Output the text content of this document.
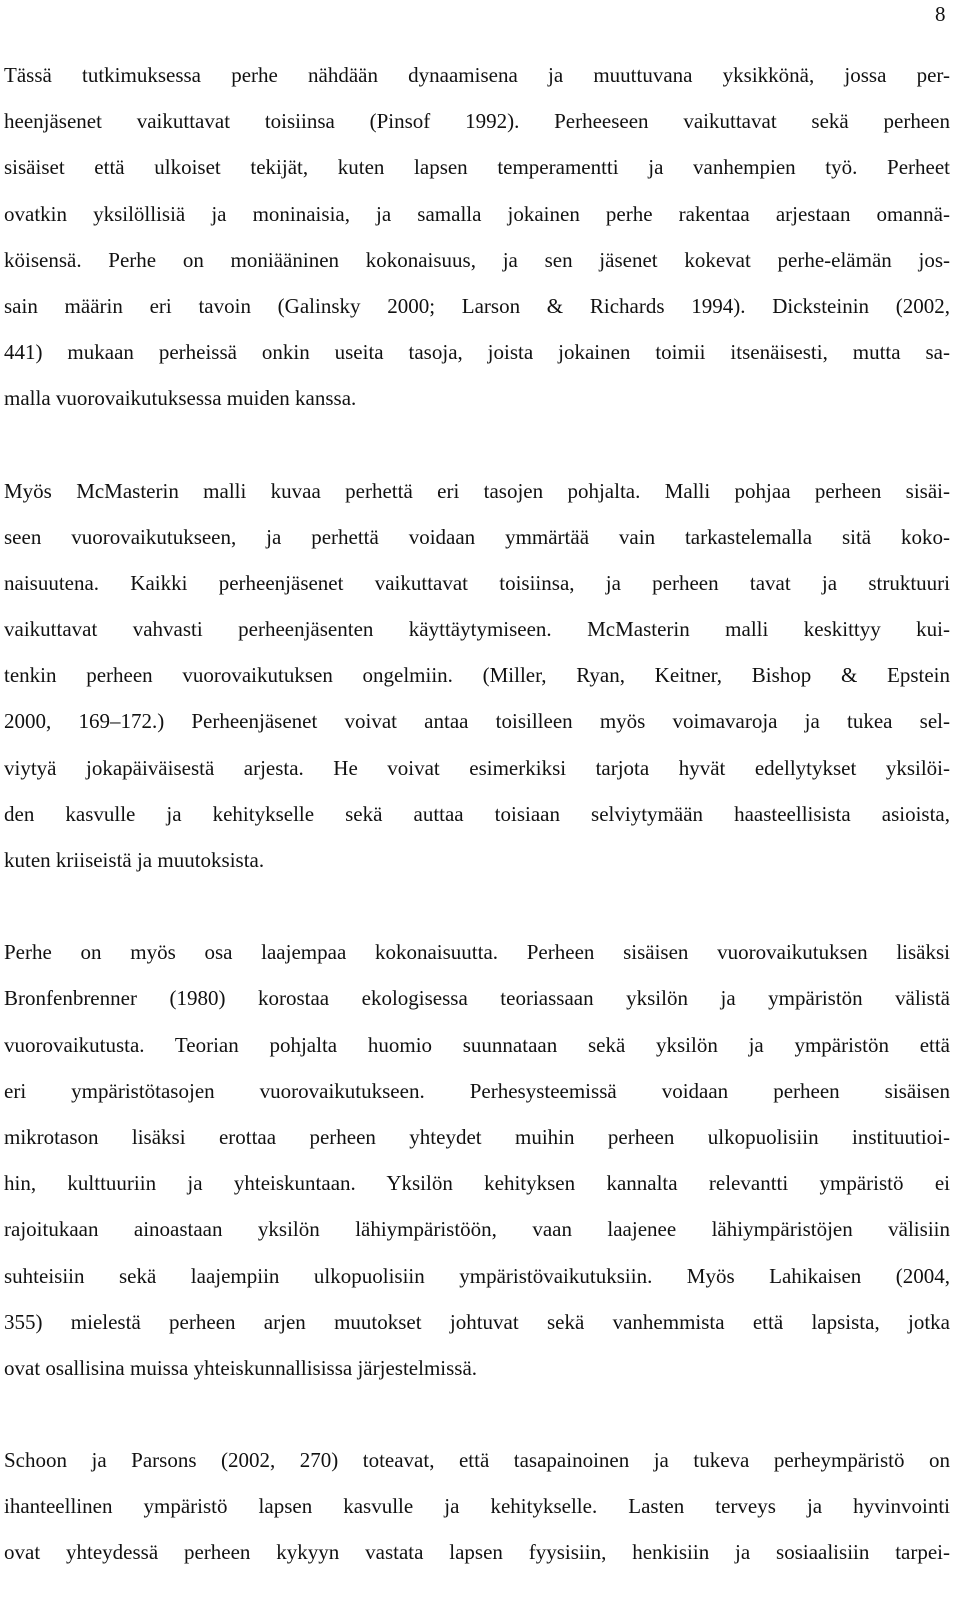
8

Tässä tutkimuksessa perhe nähdään dynaamisena ja muuttuvana yksikkönä, jossa per-
heenjäsenet vaikuttavat toisiinsa (Pinsof 1992). Perheeseen vaikuttavat sekä perheen
sisäiset että ulkoiset tekijät, kuten lapsen temperamentti ja vanhempien työ. Perheet
ovatkin yksilöllisiä ja moninaisia, ja samalla jokainen perhe rakentaa arjestaan omannä-
köisensä. Perhe on moniääninen kokonaisuus, ja sen jäsenet kokevat perhe-elämän jos-
sain määrin eri tavoin (Galinsky 2000; Larson & Richards 1994). Dicksteinin (2002,
441) mukaan perheissä onkin useita tasoja, joista jokainen toimii itsenäisesti, mutta sa-
malla vuorovaikutuksessa muiden kanssa.

Myös McMasterin malli kuvaa perhettä eri tasojen pohjalta. Malli pohjaa perheen sisäi-
seen vuorovaikutukseen, ja perhettä voidaan ymmärtää vain tarkastelemalla sitä koko-
naisuutena. Kaikki perheenjäsenet vaikuttavat toisiinsa, ja perheen tavat ja struktuuri
vaikuttavat vahvasti perheenjäsenten käyttäytymiseen. McMasterin malli keskittyy kui-
tenkin perheen vuorovaikutuksen ongelmiin. (Miller, Ryan, Keitner, Bishop & Epstein
2000, 169–172.) Perheenjäsenet voivat antaa toisilleen myös voimavaroja ja tukea sel-
viytyä jokapäiväisestä arjesta. He voivat esimerkiksi tarjota hyvät edellytykset yksilöi-
den kasvulle ja kehitykselle sekä auttaa toisiaan selviytymään haasteellisista asioista,
kuten kriiseistä ja muutoksista.

Perhe on myös osa laajempaa kokonaisuutta. Perheen sisäisen vuorovaikutuksen lisäksi
Bronfenbrenner (1980) korostaa ekologisessa teoriassaan yksilön ja ympäristön välistä
vuorovaikutusta. Teorian pohjalta huomio suunnataan sekä yksilön ja ympäristön että
eri ympäristötasojen vuorovaikutukseen. Perhesysteemissä voidaan perheen sisäisen
mikrotason lisäksi erottaa perheen yhteydet muihin perheen ulkopuolisiin instituutioi-
hin, kulttuuriin ja yhteiskuntaan. Yksilön kehityksen kannalta relevantti ympäristö ei
rajoitukaan ainoastaan yksilön lähiympäristöön, vaan laajenee lähiympäristöjen välisiin
suhteisiin sekä laajempiin ulkopuolisiin ympäristövaikutuksiin. Myös Lahikaisen (2004,
355) mielestä perheen arjen muutokset johtuvat sekä vanhemmista että lapsista, jotka
ovat osallisina muissa yhteiskunnallisissa järjestelmissä.

Schoon ja Parsons (2002, 270) toteavat, että tasapainoinen ja tukeva perheympäristö on
ihanteellinen ympäristö lapsen kasvulle ja kehitykselle. Lasten terveys ja hyvinvointi
ovat yhteydessä perheen kykyyn vastata lapsen fyysisiin, henkisiin ja sosiaalisiin tarpei-
